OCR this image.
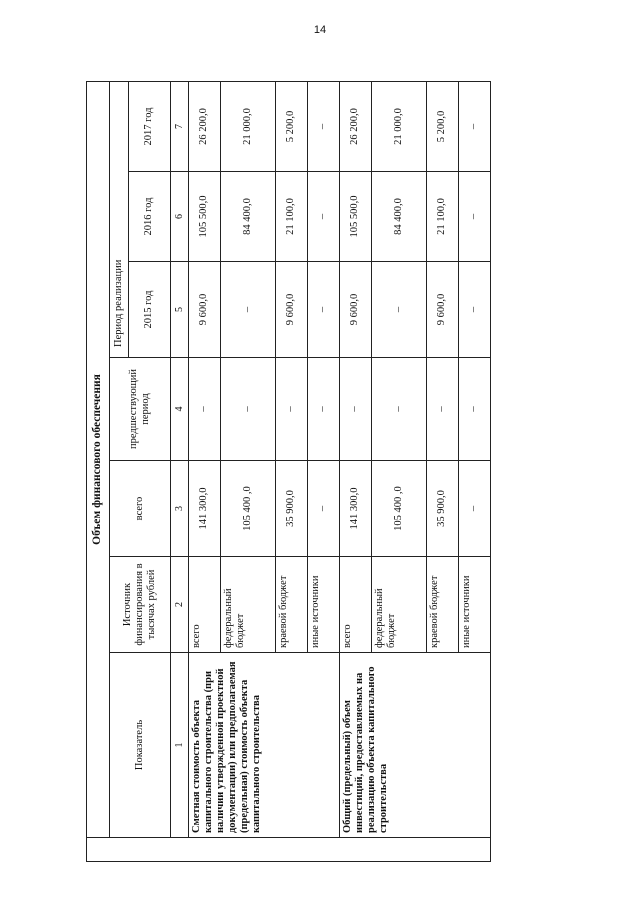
14
	Объем финансового обеспечения						
	Показатель	Источник финансирования в тысячах рублей	всего	предшествующий период	Период реализации		
					2015 год	2016 год	2017 год
	1	2	3	4	5	6	7
	Сметная стоимость объекта капитального строительства (при наличии утвержденной проектной документации) или предполагаемая (предельная) стоимость объекта капитального строительства	всего	141 300,0	–	9 600,0	105 500,0	26 200,0
		федеральный бюджет	105 400 ,0	–	–	84 400,0	21 000,0
		краевой бюджет	35 900,0	–	9 600,0	21 100,0	5 200,0
		иные источники	–	–	–	–	–
	Общий (предельный) объем инвестиций, предоставляемых на реализацию объекта капитального строительства	всего	141 300,0	–	9 600,0	105 500,0	26 200,0
		федеральный бюджет	105 400 ,0	–	–	84 400,0	21 000,0
		краевой бюджет	35 900,0	–	9 600,0	21 100,0	5 200,0
		иные источники	–	–	–	–	–
